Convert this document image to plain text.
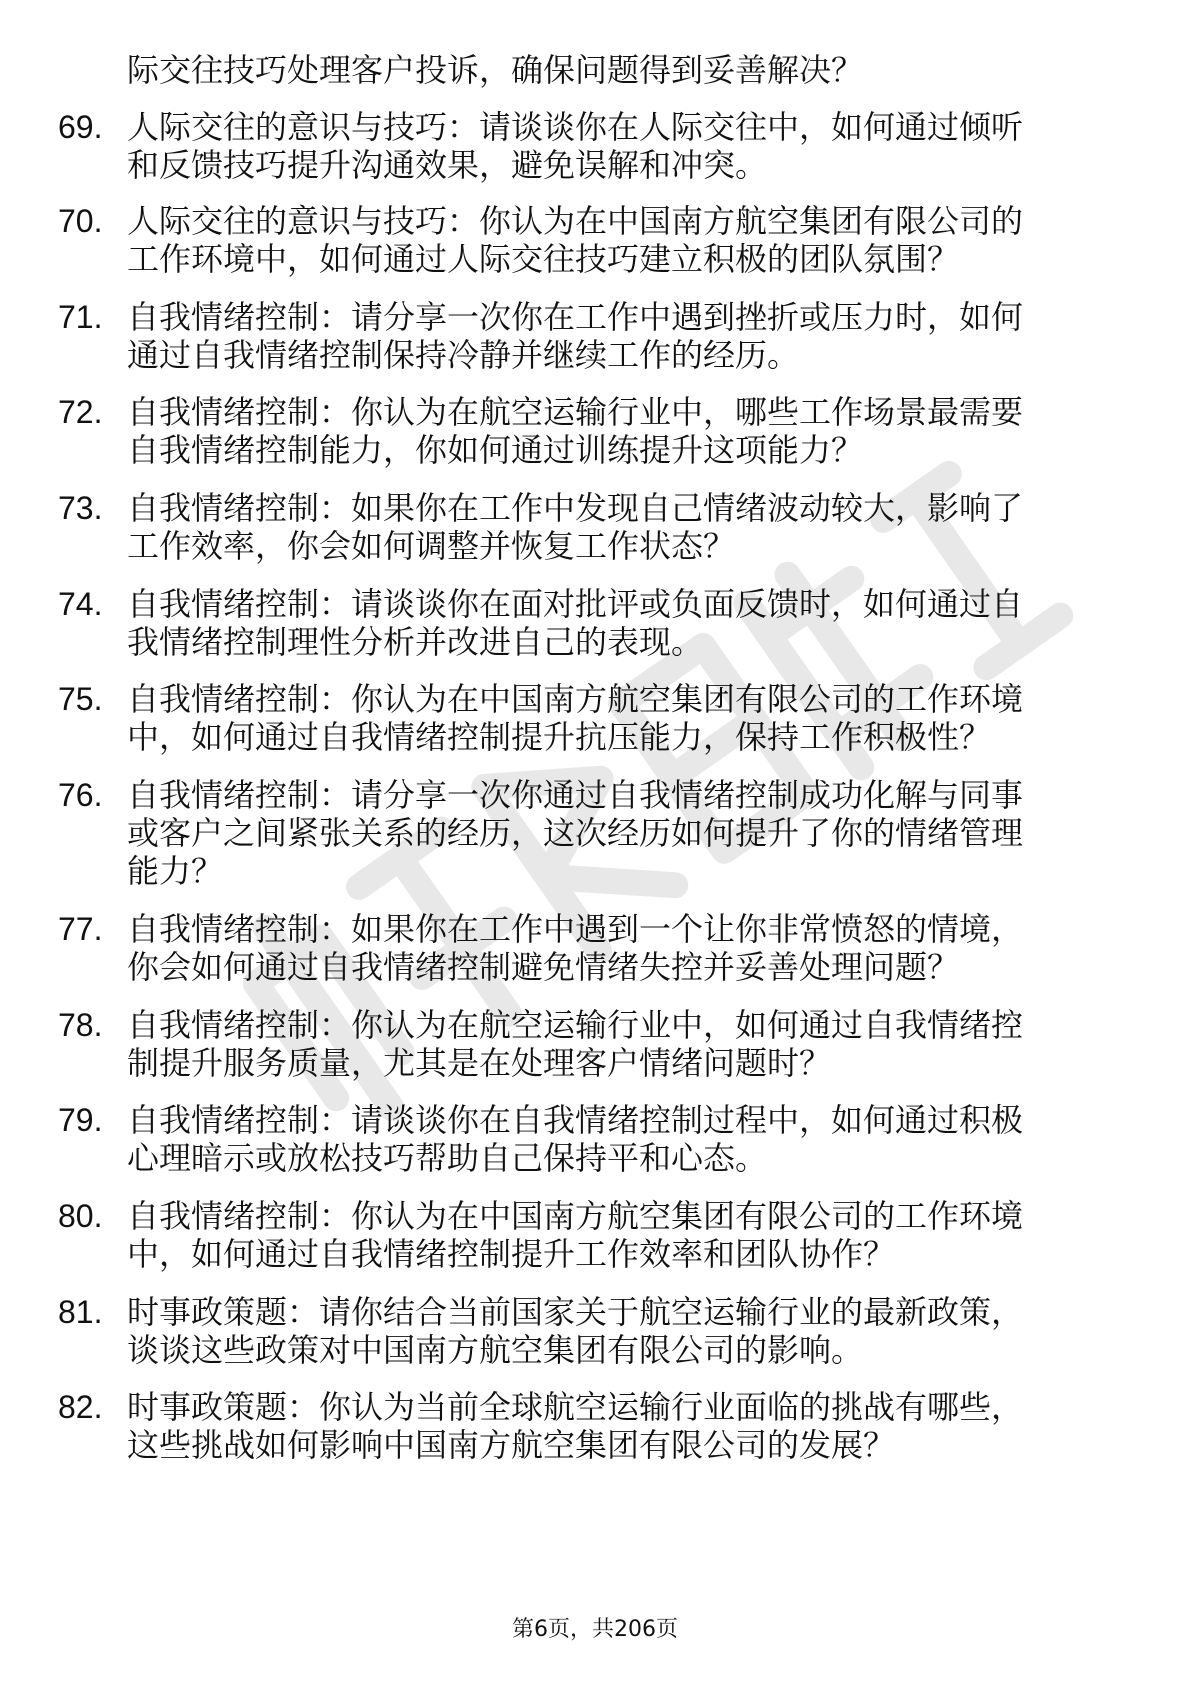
际交往技巧处理客户投诉，确保问题得到妥善解决？
69. 人际交往的意识与技巧：请谈谈你在人际交往中，如何通过倾听
和反馈技巧提升沟通效果，避免误解和冲突。
70. 人际交往的意识与技巧：你认为在中国南方航空集团有限公司的
工作环境中，如何通过人际交往技巧建立积极的团队氛围？
71. 自我情绪控制：请分享一次你在工作中遇到挫折或压力时，如何
通过自我情绪控制保持冷静并继续工作的经历。
72. 自我情绪控制：你认为在航空运输行业中，哪些工作场景最需要
自我情绪控制能力，你如何通过训练提升这项能力？
73. 自我情绪控制：如果你在工作中发现自己情绪波动较大，影响了
工作效率，你会如何调整并恢复工作状态？
74. 自我情绪控制：请谈谈你在面对批评或负面反馈时，如何通过自
我情绪控制理性分析并改进自己的表现。
75. 自我情绪控制：你认为在中国南方航空集团有限公司的工作环境
中，如何通过自我情绪控制提升抗压能力，保持工作积极性？
76. 自我情绪控制：请分享一次你通过自我情绪控制成功化解与同事
或客户之间紧张关系的经历，这次经历如何提升了你的情绪管理
能力？
77. 自我情绪控制：如果你在工作中遇到一个让你非常愤怒的情境，
你会如何通过自我情绪控制避免情绪失控并妥善处理问题？
78. 自我情绪控制：你认为在航空运输行业中，如何通过自我情绪控
制提升服务质量，尤其是在处理客户情绪问题时？
79. 自我情绪控制：请谈谈你在自我情绪控制过程中，如何通过积极
心理暗示或放松技巧帮助自己保持平和心态。
80. 自我情绪控制：你认为在中国南方航空集团有限公司的工作环境
中，如何通过自我情绪控制提升工作效率和团队协作？
81. 时事政策题：请你结合当前国家关于航空运输行业的最新政策，
谈谈这些政策对中国南方航空集团有限公司的影响。
82. 时事政策题：你认为当前全球航空运输行业面临的挑战有哪些，
这些挑战如何影响中国南方航空集团有限公司的发展？
第6页，共206页
